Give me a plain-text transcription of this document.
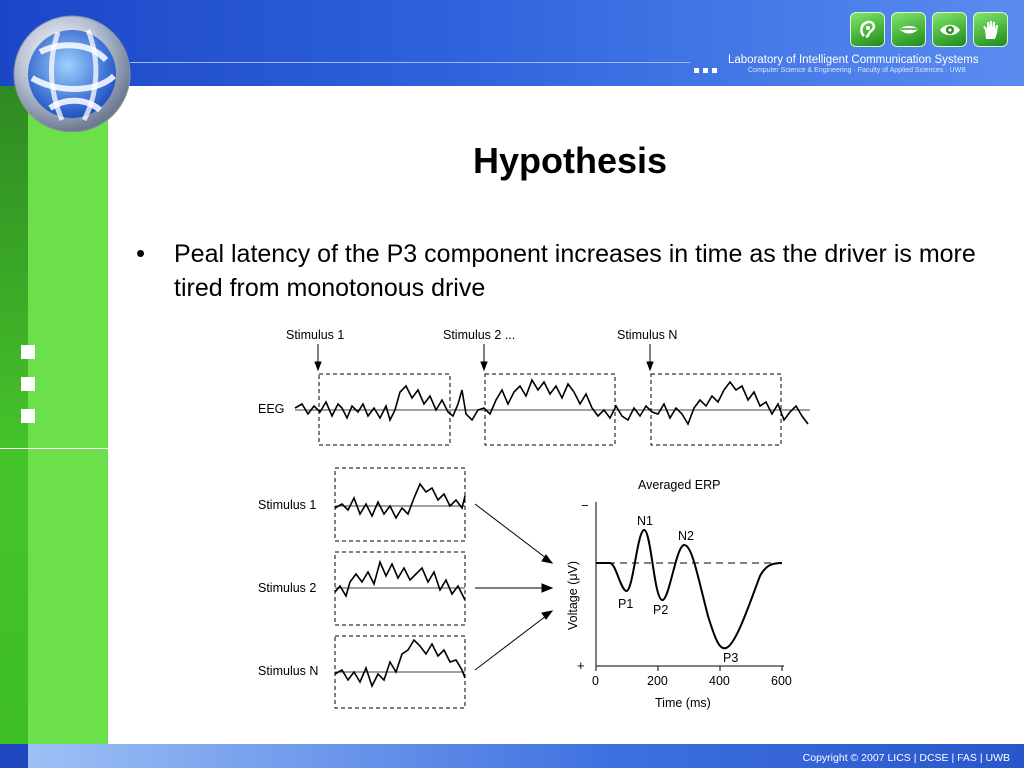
Laboratory of Intelligent Communication Systems
Computer Science & Engineering · Faculty of Applied Sciences · UWB
Hypothesis
• Peal latency of the P3 component increases in time as the driver is more tired from monotonous drive
Stimulus 1	Stimulus 2 ...	Stimulus N
EEG
Stimulus 1
Stimulus 2
Stimulus N
Averaged ERP
−
+
Voltage (μV)
0	200	400	600
Time (ms)
N1
N2
P1 P2
P3
Copyright © 2007 LICS | DCSE | FAS | UWB
